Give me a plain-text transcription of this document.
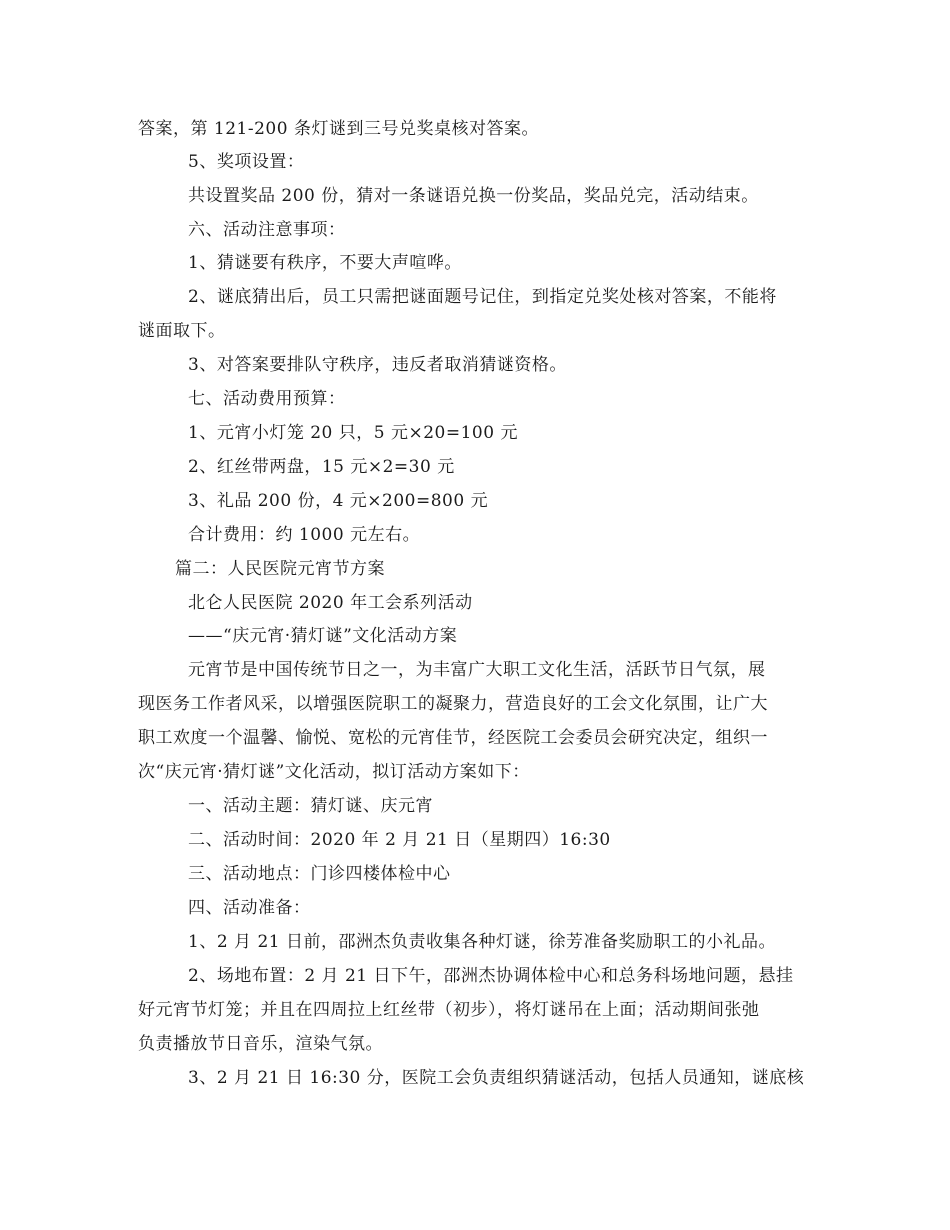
答案，第 121-200 条灯谜到三号兑奖桌核对答案。
5、奖项设置：
共设置奖品 200 份，猜对一条谜语兑换一份奖品，奖品兑完，活动结束。
六、活动注意事项：
1、猜谜要有秩序，不要大声喧哗。
2、谜底猜出后，员工只需把谜面题号记住，到指定兑奖处核对答案，不能将
谜面取下。
3、对答案要排队守秩序，违反者取消猜谜资格。
七、活动费用预算：
1、元宵小灯笼 20 只，5 元×20=100 元
2、红丝带两盘，15 元×2=30 元
3、礼品 200 份，4 元×200=800 元
合计费用：约 1000 元左右。
篇二：人民医院元宵节方案
北仑人民医院 2020 年工会系列活动
——“庆元宵·猜灯谜”文化活动方案
元宵节是中国传统节日之一，为丰富广大职工文化生活，活跃节日气氛，展
现医务工作者风采，以增强医院职工的凝聚力，营造良好的工会文化氛围，让广大
职工欢度一个温馨、愉悦、宽松的元宵佳节，经医院工会委员会研究决定，组织一
次“庆元宵·猜灯谜”文化活动，拟订活动方案如下：
一、活动主题：猜灯谜、庆元宵
二、活动时间：2020 年 2 月 21 日（星期四）16:30
三、活动地点：门诊四楼体检中心
四、活动准备：
1、2 月 21 日前，邵洲杰负责收集各种灯谜，徐芳准备奖励职工的小礼品。
2、场地布置：2 月 21 日下午，邵洲杰协调体检中心和总务科场地问题，悬挂
好元宵节灯笼；并且在四周拉上红丝带（初步），将灯谜吊在上面；活动期间张弛
负责播放节日音乐，渲染气氛。
3、2 月 21 日 16:30 分，医院工会负责组织猜谜活动，包括人员通知，谜底核
